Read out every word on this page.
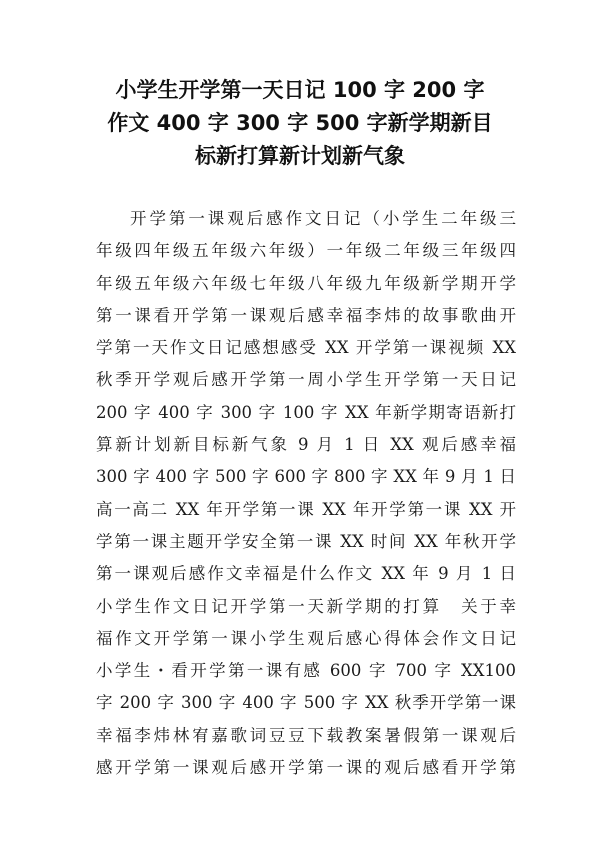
小学生开学第一天日记 100 字 200 字
作文 400 字 300 字 500 字新学期新目
标新打算新计划新气象
开学第一课观后感作文日记（小学生二年级三
年级四年级五年级六年级）一年级二年级三年级四
年级五年级六年级七年级八年级九年级新学期开学
第一课看开学第一课观后感幸福李炜的故事歌曲开
学第一天作文日记感想感受 XX 开学第一课视频 XX
秋季开学观后感开学第一周小学生开学第一天日记
200 字 400 字 300 字 100 字 XX 年新学期寄语新打
算新计划新目标新气象 9 月 1 日 XX 观后感幸福
300 字 400 字 500 字 600 字 800 字 XX 年 9 月 1 日
高一高二 XX 年开学第一课 XX 年开学第一课 XX 开
学第一课主题开学安全第一课 XX 时间 XX 年秋开学
第一课观后感作文幸福是什么作文 XX 年 9 月 1 日
小学生作文日记开学第一天新学期的打算　关于幸
福作文开学第一课小学生观后感心得体会作文日记
小学生・看开学第一课有感 600 字 700 字 XX100
字 200 字 300 字 400 字 500 字 XX 秋季开学第一课
幸福李炜林宥嘉歌词豆豆下载教案暑假第一课观后
感开学第一课观后感开学第一课的观后感看开学第
